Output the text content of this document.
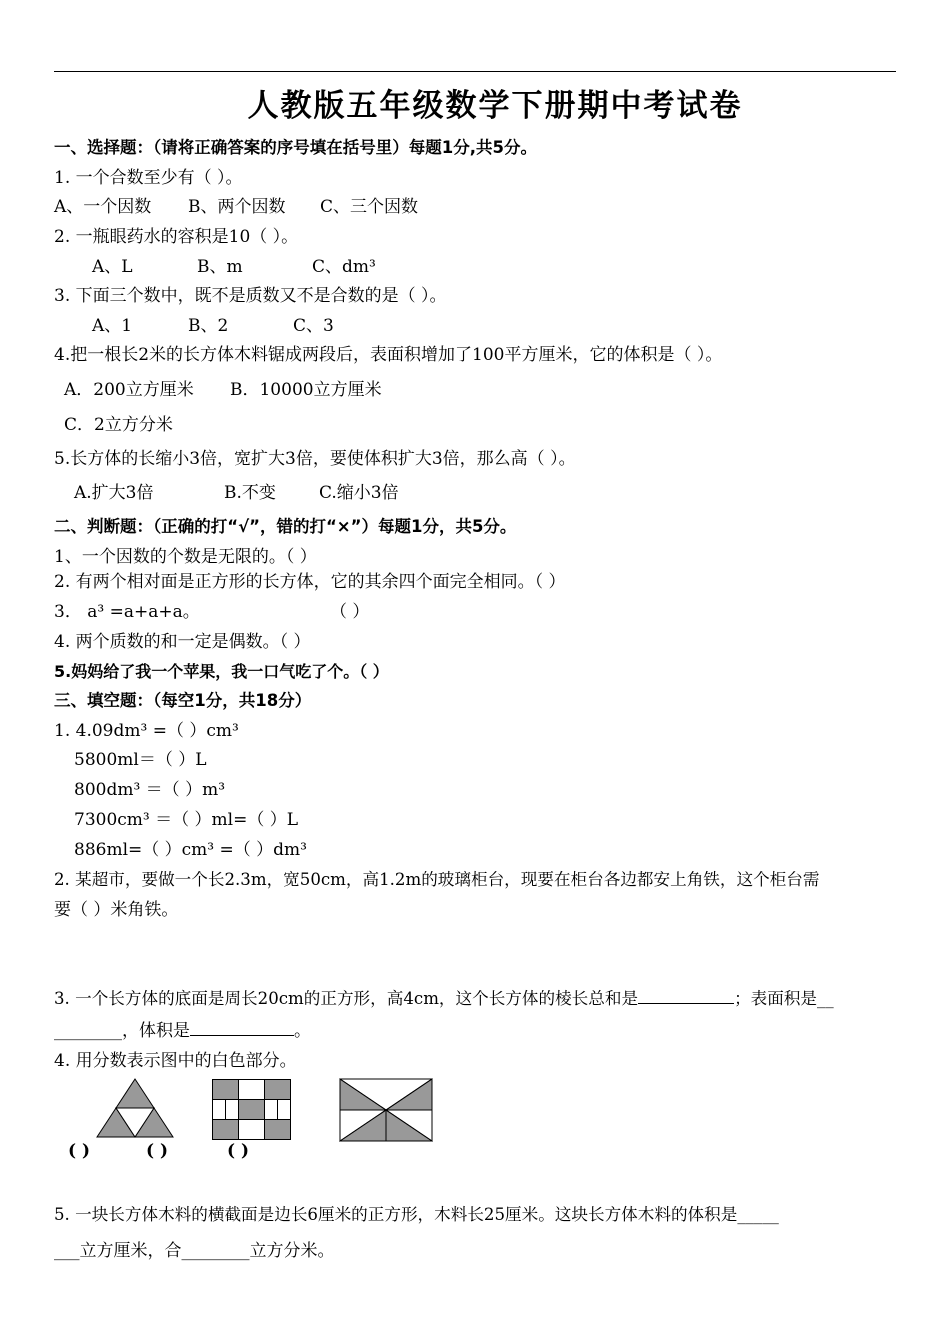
人教版五年级数学下册期中考试卷
一、选择题：（请将正确答案的序号填在括号里）每题1分,共5分。
1. 一个合数至少有（ ）。
A、一个因数 B、两个因数 C、三个因数
2. 一瓶眼药水的容积是10（ ）。
A、L	B、m	C、dm³
3. 下面三个数中，既不是质数又不是合数的是（ ）。
A、1	B、2	C、3
4.把一根长2米的长方体木料锯成两段后，表面积增加了100平方厘米，它的体积是（ ）。
A．200立方厘米 B．10000立方厘米
C．2立方分米
5.长方体的长缩小3倍，宽扩大3倍，要使体积扩大3倍，那么高（ ）。
A.扩大3倍	B.不变	C.缩小3倍
二、判断题：（正确的打“√”，错的打“×”）每题1分，共5分。
1、一个因数的个数是无限的。（ ）
2. 有两个相对面是正方形的长方体，它的其余四个面完全相同。（ ）
3． a³ =a+a+a。	（ ）
4. 两个质数的和一定是偶数。（ ）
5.妈妈给了我一个苹果，我一口气吃了个。（ ）
三、填空题：（每空1分，共18分）
1. 4.09dm³ =（ ）cm³
5800ml＝（ ）L
800dm³ ＝（ ）m³
7300cm³ ＝（ ）ml=（ ）L
886ml=（ ）cm³ =（ ）dm³
2. 某超市，要做一个长2.3m，宽50cm，高1.2m的玻璃柜台，现要在柜台各边都安上角铁，这个柜台需
要（ ）米角铁。
3. 一个长方体的底面是周长20cm的正方形，高4cm，这个长方体的棱长总和是	；表面积是__
________，体积是	。
4. 用分数表示图中的白色部分。
( )	( )	( )
5. 一块长方体木料的横截面是边长6厘米的正方形，木料长25厘米。这块长方体木料的体积是_____
___立方厘米，合________立方分米。
